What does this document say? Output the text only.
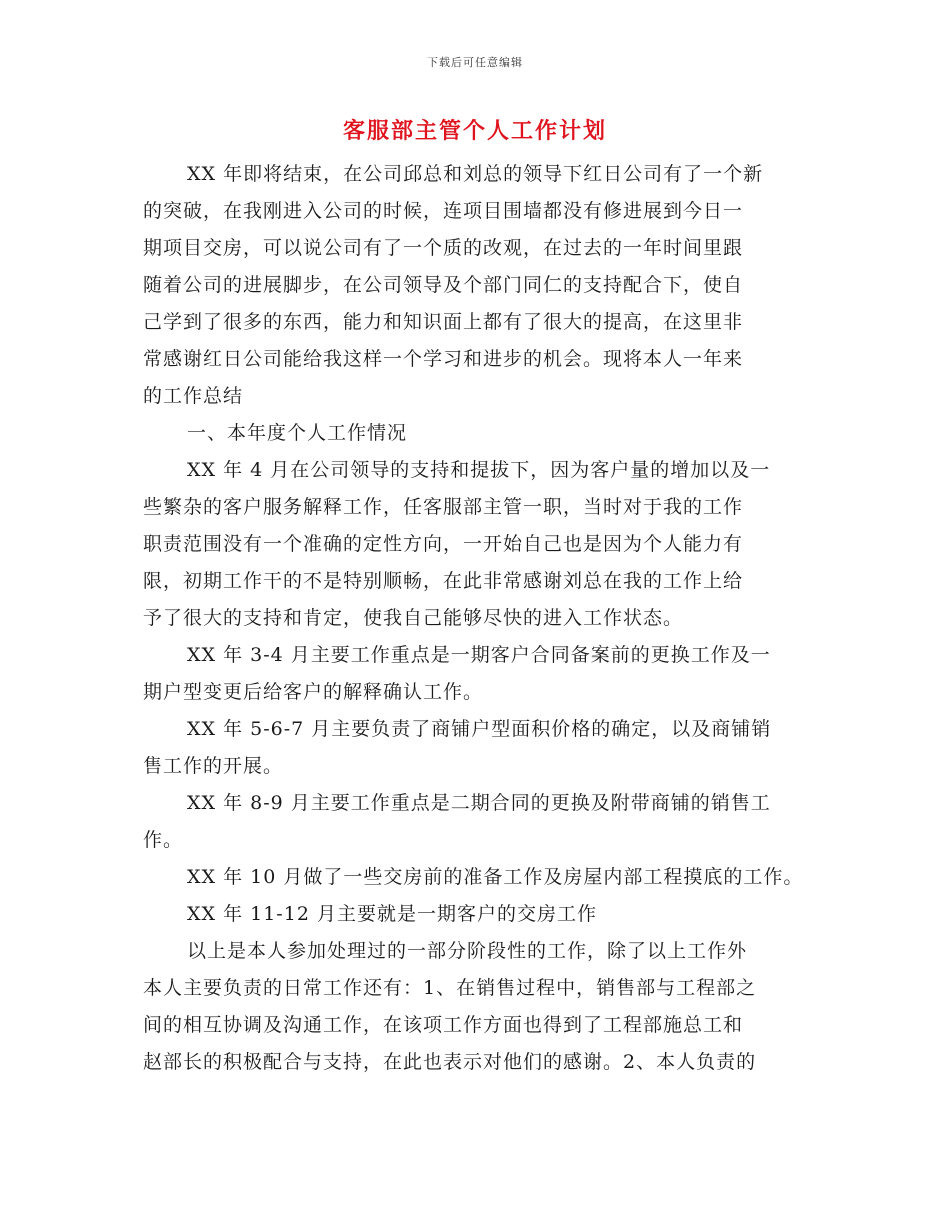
下载后可任意编辑
客服部主管个人工作计划
XX 年即将结束，在公司邱总和刘总的领导下红日公司有了一个新
的突破，在我刚进入公司的时候，连项目围墙都没有修进展到今日一
期项目交房，可以说公司有了一个质的改观，在过去的一年时间里跟
随着公司的进展脚步，在公司领导及个部门同仁的支持配合下，使自
己学到了很多的东西，能力和知识面上都有了很大的提高，在这里非
常感谢红日公司能给我这样一个学习和进步的机会。现将本人一年来
的工作总结
一、本年度个人工作情况
XX 年 4 月在公司领导的支持和提拔下，因为客户量的增加以及一
些繁杂的客户服务解释工作，任客服部主管一职，当时对于我的工作
职责范围没有一个准确的定性方向，一开始自己也是因为个人能力有
限，初期工作干的不是特别顺畅，在此非常感谢刘总在我的工作上给
予了很大的支持和肯定，使我自己能够尽快的进入工作状态。
XX 年 3-4 月主要工作重点是一期客户合同备案前的更换工作及一
期户型变更后给客户的解释确认工作。
XX 年 5-6-7 月主要负责了商铺户型面积价格的确定，以及商铺销
售工作的开展。
XX 年 8-9 月主要工作重点是二期合同的更换及附带商铺的销售工
作。
XX 年 10 月做了一些交房前的准备工作及房屋内部工程摸底的工作。
XX 年 11-12 月主要就是一期客户的交房工作
以上是本人参加处理过的一部分阶段性的工作，除了以上工作外
本人主要负责的日常工作还有：1、在销售过程中，销售部与工程部之
间的相互协调及沟通工作，在该项工作方面也得到了工程部施总工和
赵部长的积极配合与支持，在此也表示对他们的感谢。2、本人负责的
